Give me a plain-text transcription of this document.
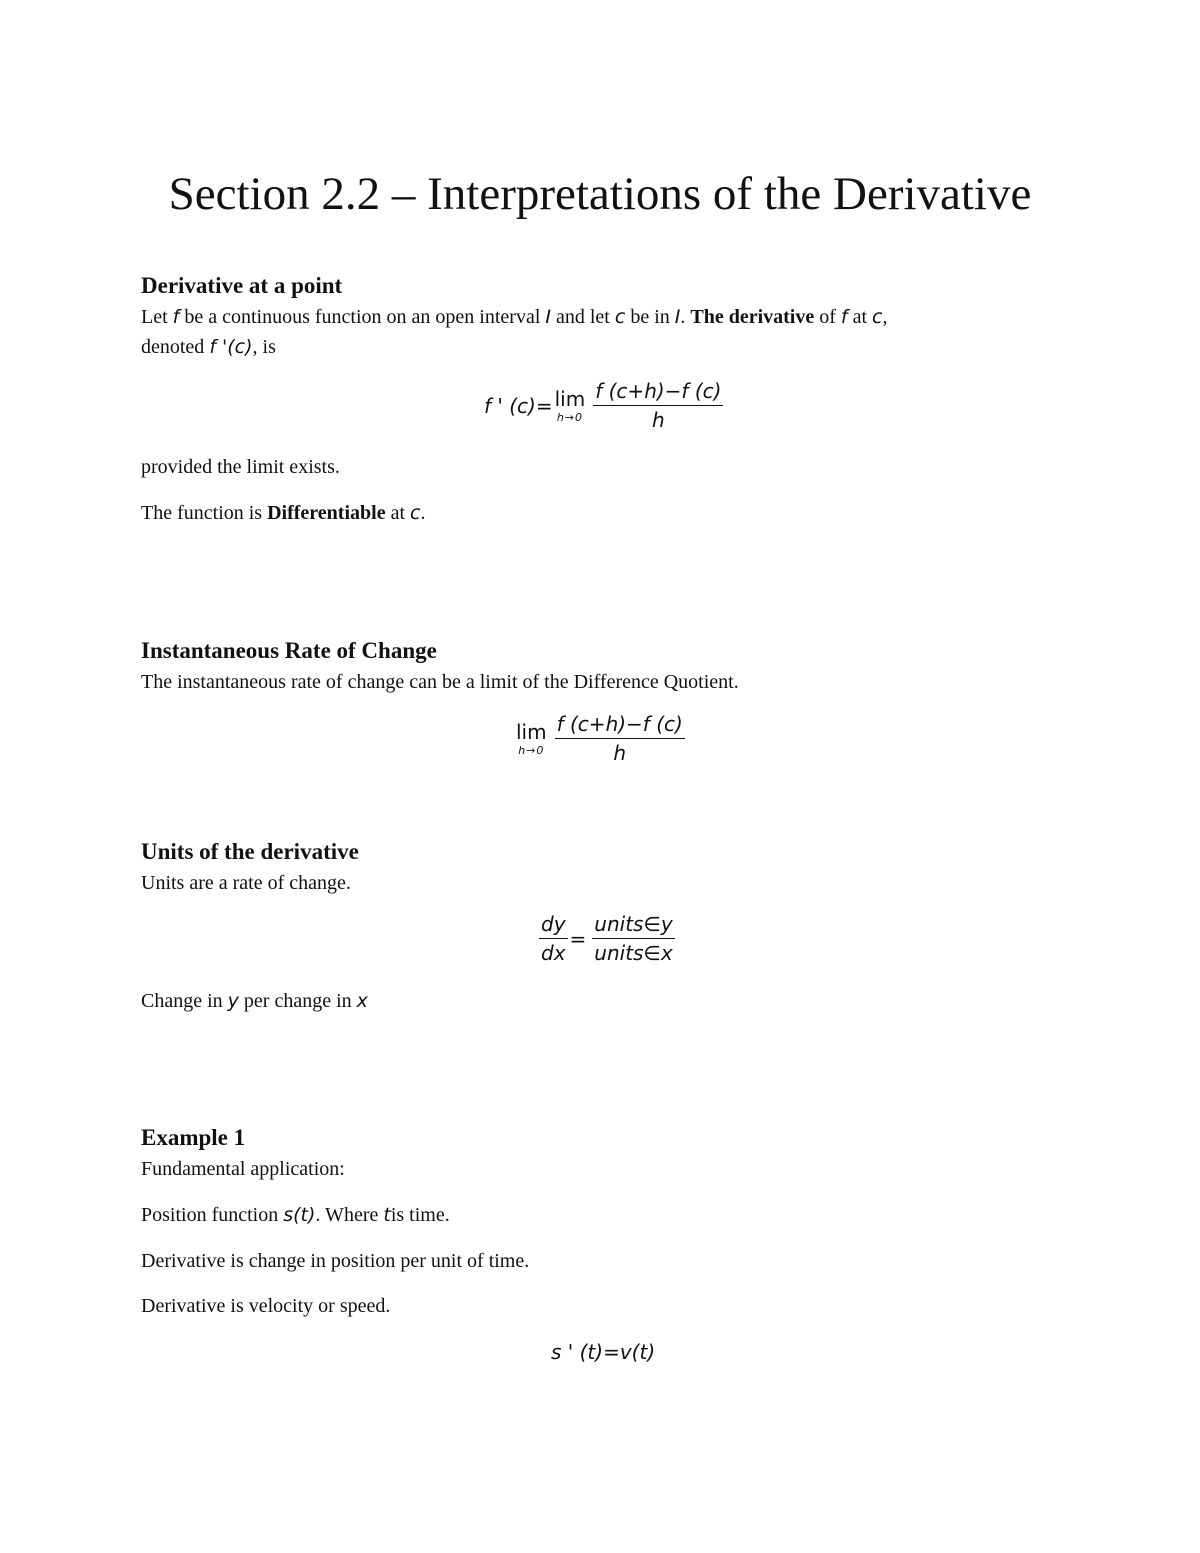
Section 2.2 – Interpretations of the Derivative
Derivative at a point

Let f be a continuous function on an open interval I and let c be in I. The derivative of f at c,

denoted f '(c), is

f ' (c)= lim
$h\to 0 \frac{f (c+h)-f (c)}{h}$

provided the limit exists.

The function is Differentiable at c.

Instantaneous Rate of Change

The instantaneous rate of change can be a limit of the Difference Quotient.

lim
$h\to 0 \frac{f (c+h)-f (c)}{h}$
Units of the derivative

Units are a rate of change.

$\frac{dy}{dx} = \frac{\text{units∈y}}{\text{units∈x}}$

Change in y per change in x

Example 1

Fundamental application:

Position function s(t). Where tis time.

Derivative is change in position per unit of time.

Derivative is velocity or speed.

s ' (t)=v(t)
